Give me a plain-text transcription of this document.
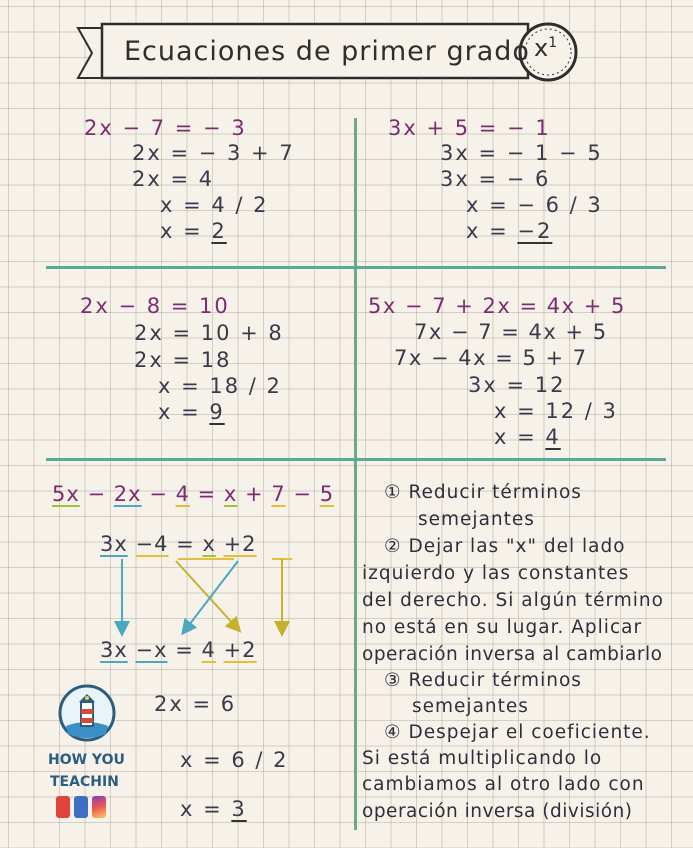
Ecuaciones de primer grado $x^1$
2x − 7 = − 3
2x = − 3 + 7
2x = 4
x = 4 / 2
x = 2
3x + 5 = − 1
3x = − 1 − 5
3x = − 6
x = − 6 / 3
x = −2
2x − 8 = 10
2x = 10 + 8
2x = 18
x = 18 / 2
x = 9
5x − 7 + 2x = 4x + 5
7x − 7 = 4x + 5
7x − 4x = 5 + 7
3x = 12
x = 12 / 3
x = 4
5x − 2x − 4 = x + 7 − 5
3x −4 = x +2
3x −x = 4 +2
2x = 6
x = 6 / 2
x = 3
① Reducir términos
semejantes
② Dejar las "x" del lado
izquierdo y las constantes
del derecho. Si algún término
no está en su lugar. Aplicar
operación inversa al cambiarlo
③ Reducir términos
semejantes
④ Despejar el coeficiente.
Si está multiplicando lo
cambiamos al otro lado con
operación inversa (división)
HOW YOU
TEACHIN
